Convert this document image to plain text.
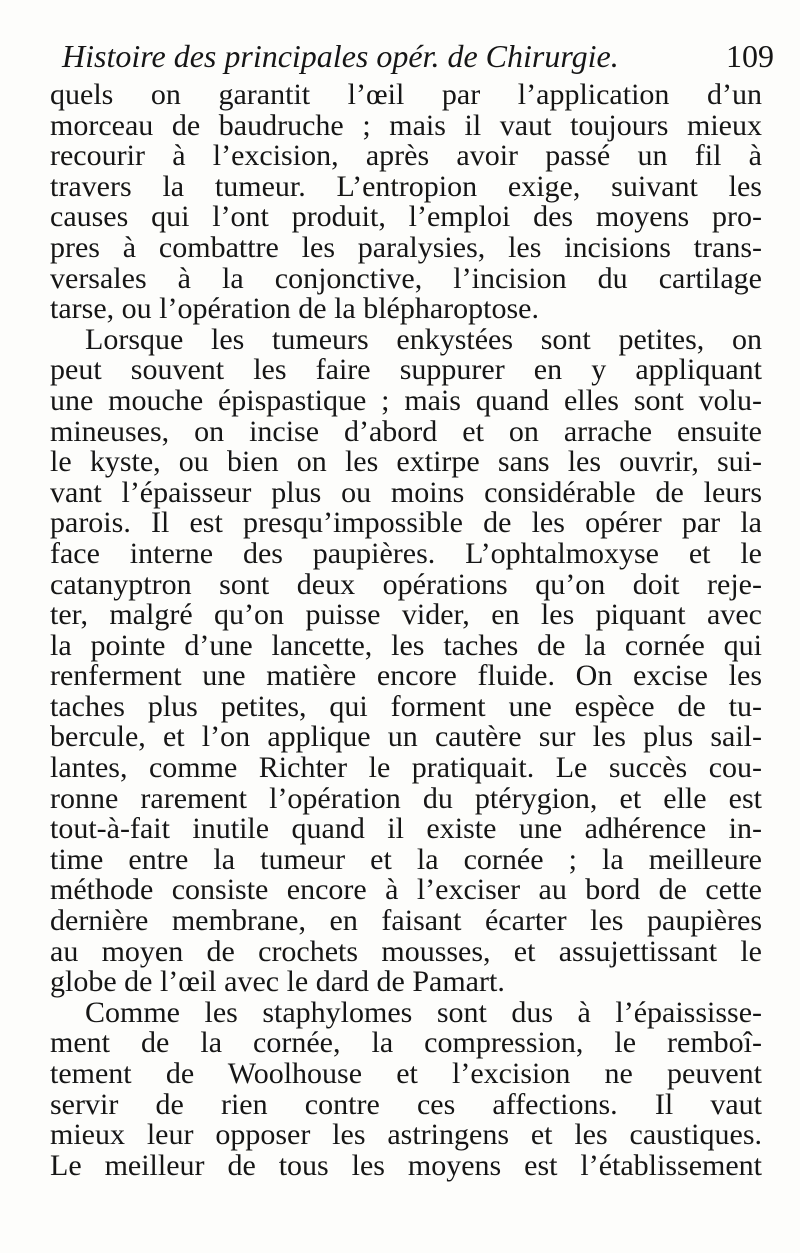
Histoire des principales opér. de Chirurgie.	109
quels on garantit l’œil par l’application d’un
morceau de baudruche ; mais il vaut toujours mieux
recourir à l’excision, après avoir passé un fil à
travers la tumeur. L’entropion exige, suivant les
causes qui l’ont produit, l’emploi des moyens pro-
pres à combattre les paralysies, les incisions trans-
versales à la conjonctive, l’incision du cartilage
tarse, ou l’opération de la blépharoptose.
Lorsque les tumeurs enkystées sont petites, on
peut souvent les faire suppurer en y appliquant
une mouche épispastique ; mais quand elles sont volu-
mineuses, on incise d’abord et on arrache ensuite
le kyste, ou bien on les extirpe sans les ouvrir, sui-
vant l’épaisseur plus ou moins considérable de leurs
parois. Il est presqu’impossible de les opérer par la
face interne des paupières. L’ophtalmoxyse et le
catanyptron sont deux opérations qu’on doit reje-
ter, malgré qu’on puisse vider, en les piquant avec
la pointe d’une lancette, les taches de la cornée qui
renferment une matière encore fluide. On excise les
taches plus petites, qui forment une espèce de tu-
bercule, et l’on applique un cautère sur les plus sail-
lantes, comme Richter le pratiquait. Le succès cou-
ronne rarement l’opération du ptérygion, et elle est
tout-à-fait inutile quand il existe une adhérence in-
time entre la tumeur et la cornée ; la meilleure
méthode consiste encore à l’exciser au bord de cette
dernière membrane, en faisant écarter les paupières
au moyen de crochets mousses, et assujettissant le
globe de l’œil avec le dard de Pamart.
Comme les staphylomes sont dus à l’épaississe-
ment de la cornée, la compression, le remboî-
tement de Woolhouse et l’excision ne peuvent
servir de rien contre ces affections. Il vaut
mieux leur opposer les astringens et les caustiques.
Le meilleur de tous les moyens est l’établissement
